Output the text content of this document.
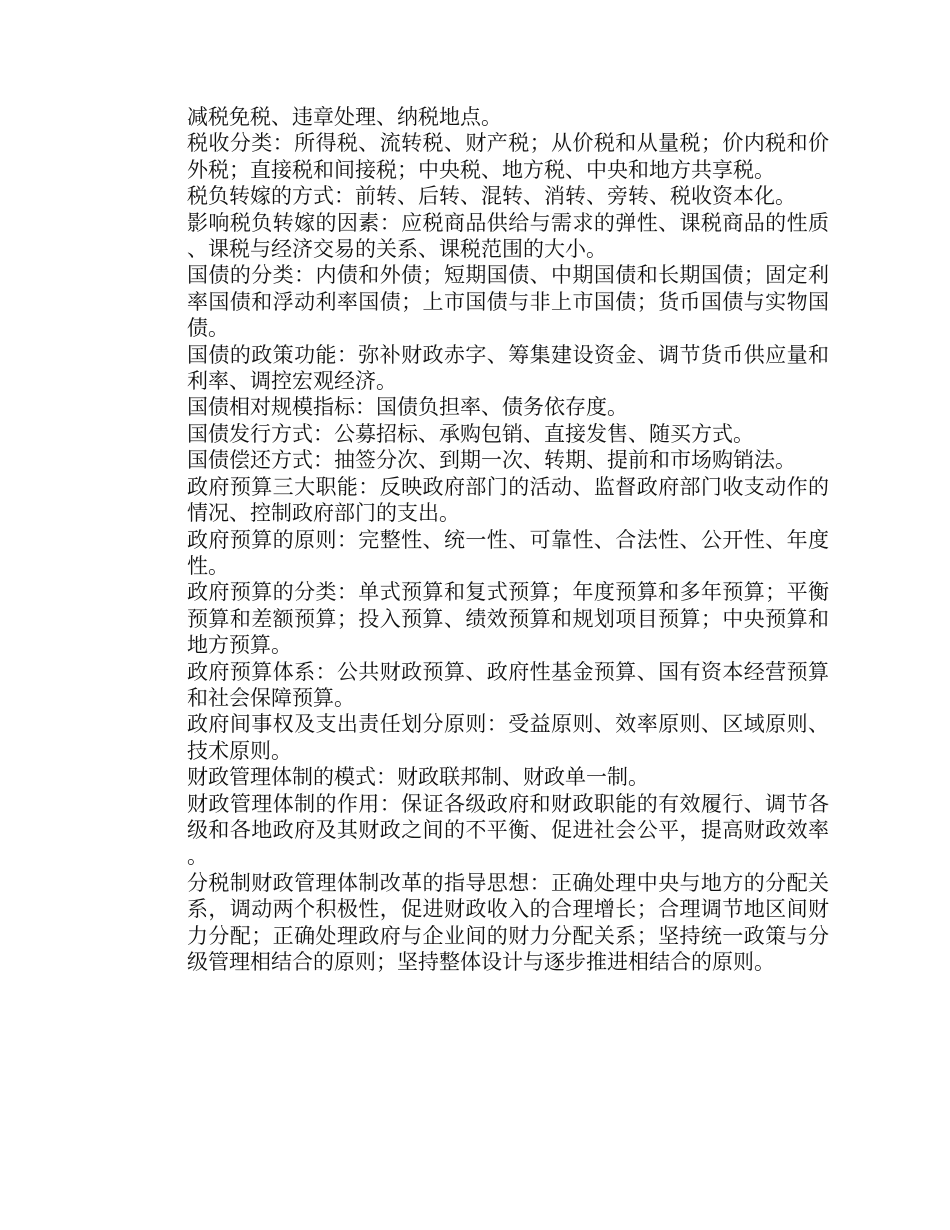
减税免税、违章处理、纳税地点。

税收分类：所得税、流转税、财产税；从价税和从量税；价内税和价外税；直接税和间接税；中央税、地方税、中央和地方共享税。

税负转嫁的方式：前转、后转、混转、消转、旁转、税收资本化。

影响税负转嫁的因素：应税商品供给与需求的弹性、课税商品的性质、课税与经济交易的关系、课税范围的大小。

国债的分类：内债和外债；短期国债、中期国债和长期国债；固定利率国债和浮动利率国债；上市国债与非上市国债；货币国债与实物国债。

国债的政策功能：弥补财政赤字、筹集建设资金、调节货币供应量和利率、调控宏观经济。

国债相对规模指标：国债负担率、债务依存度。

国债发行方式：公募招标、承购包销、直接发售、随买方式。

国债偿还方式：抽签分次、到期一次、转期、提前和市场购销法。

政府预算三大职能：反映政府部门的活动、监督政府部门收支动作的情况、控制政府部门的支出。

政府预算的原则：完整性、统一性、可靠性、合法性、公开性、年度性。

政府预算的分类：单式预算和复式预算；年度预算和多年预算；平衡预算和差额预算；投入预算、绩效预算和规划项目预算；中央预算和地方预算。

政府预算体系：公共财政预算、政府性基金预算、国有资本经营预算和社会保障预算。

政府间事权及支出责任划分原则：受益原则、效率原则、区域原则、技术原则。

财政管理体制的模式：财政联邦制、财政单一制。

财政管理体制的作用：保证各级政府和财政职能的有效履行、调节各级和各地政府及其财政之间的不平衡、促进社会公平，提高财政效率。

分税制财政管理体制改革的指导思想：正确处理中央与地方的分配关系，调动两个积极性，促进财政收入的合理增长；合理调节地区间财力分配；正确处理政府与企业间的财力分配关系；坚持统一政策与分级管理相结合的原则；坚持整体设计与逐步推进相结合的原则。
